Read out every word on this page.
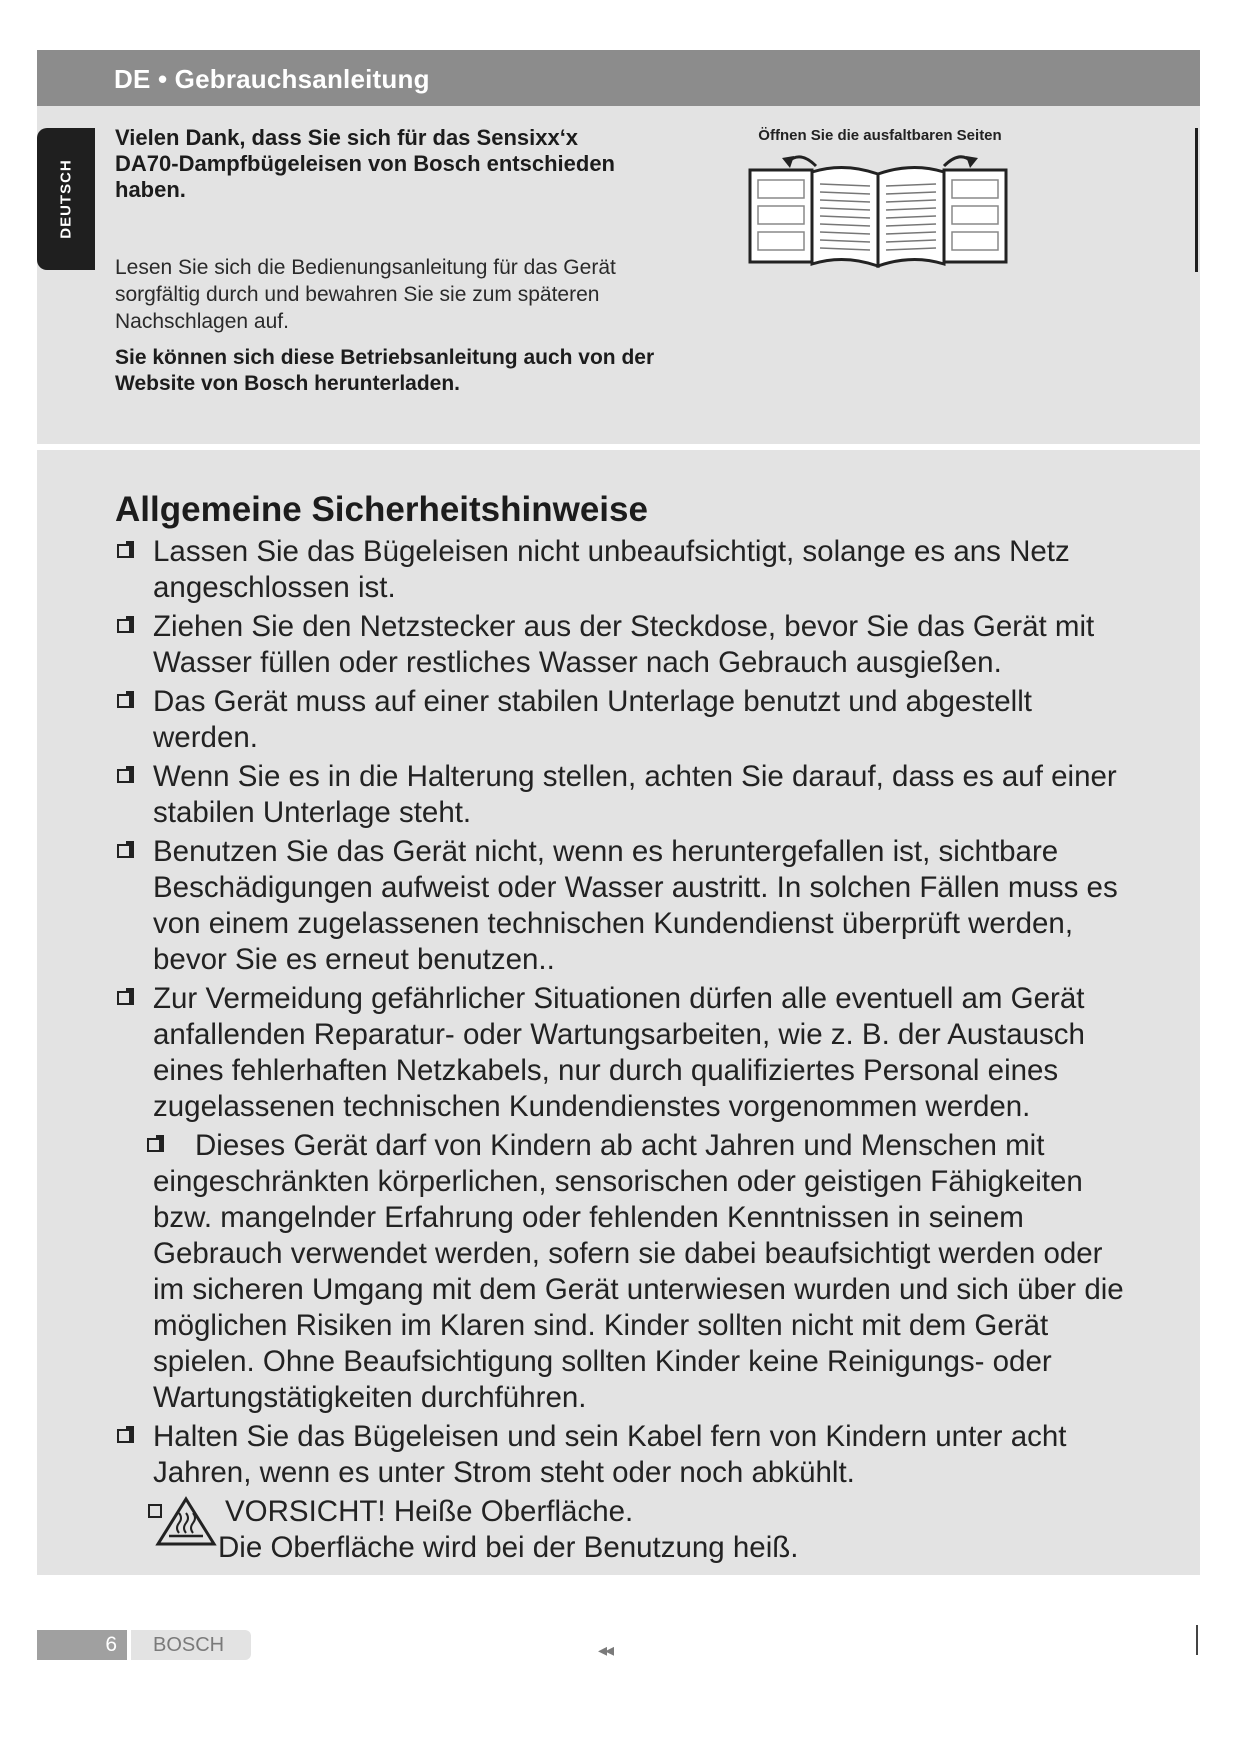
DE • Gebrauchsanleitung
DEUTSCH
Vielen Dank, dass Sie sich für das Sensixx‘x DA70-Dampfbügeleisen von Bosch entschieden haben.
Lesen Sie sich die Bedienungsanleitung für das Gerät sorgfältig durch und bewahren Sie sie zum späteren Nachschlagen auf.
Sie können sich diese Betriebsanleitung auch von der Website von Bosch herunterladen.
Öffnen Sie die ausfaltbaren Seiten
Allgemeine Sicherheitshinweise
Lassen Sie das Bügeleisen nicht unbeaufsichtigt, solange es ans Netz angeschlossen ist.
Ziehen Sie den Netzstecker aus der Steckdose, bevor Sie das Gerät mit Wasser füllen oder restliches Wasser nach Gebrauch ausgießen.
Das Gerät muss auf einer stabilen Unterlage benutzt und abgestellt werden.
Wenn Sie es in die Halterung stellen, achten Sie darauf, dass es auf einer stabilen Unterlage steht.
Benutzen Sie das Gerät nicht, wenn es heruntergefallen ist, sichtbare Beschädigungen aufweist oder Wasser austritt. In solchen Fällen muss es von einem zugelassenen technischen Kundendienst überprüft werden, bevor Sie es erneut benutzen..
Zur Vermeidung gefährlicher Situationen dürfen alle eventuell am Gerät anfallenden Reparatur- oder Wartungsarbeiten, wie z. B. der Austausch eines fehlerhaften Netzkabels, nur durch qualifiziertes Personal eines zugelassenen technischen Kundendienstes vorgenommen werden.
Dieses Gerät darf von Kindern ab acht Jahren und Menschen mit eingeschränkten körperlichen, sensorischen oder geistigen Fähigkeiten bzw. mangelnder Erfahrung oder fehlenden Kenntnissen in seinem Gebrauch verwendet werden, sofern sie dabei beaufsichtigt werden oder im sicheren Umgang mit dem Gerät unterwiesen wurden und sich über die möglichen Risiken im Klaren sind. Kinder sollten nicht mit dem Gerät spielen. Ohne Beaufsichtigung sollten Kinder keine Reinigungs- oder Wartungstätigkeiten durchführen.
Halten Sie das Bügeleisen und sein Kabel fern von Kindern unter acht Jahren, wenn es unter Strom steht oder noch abkühlt.
VORSICHT! Heiße Oberfläche.
Die Oberfläche wird bei der Benutzung heiß.
6 BOSCH	◂◂
